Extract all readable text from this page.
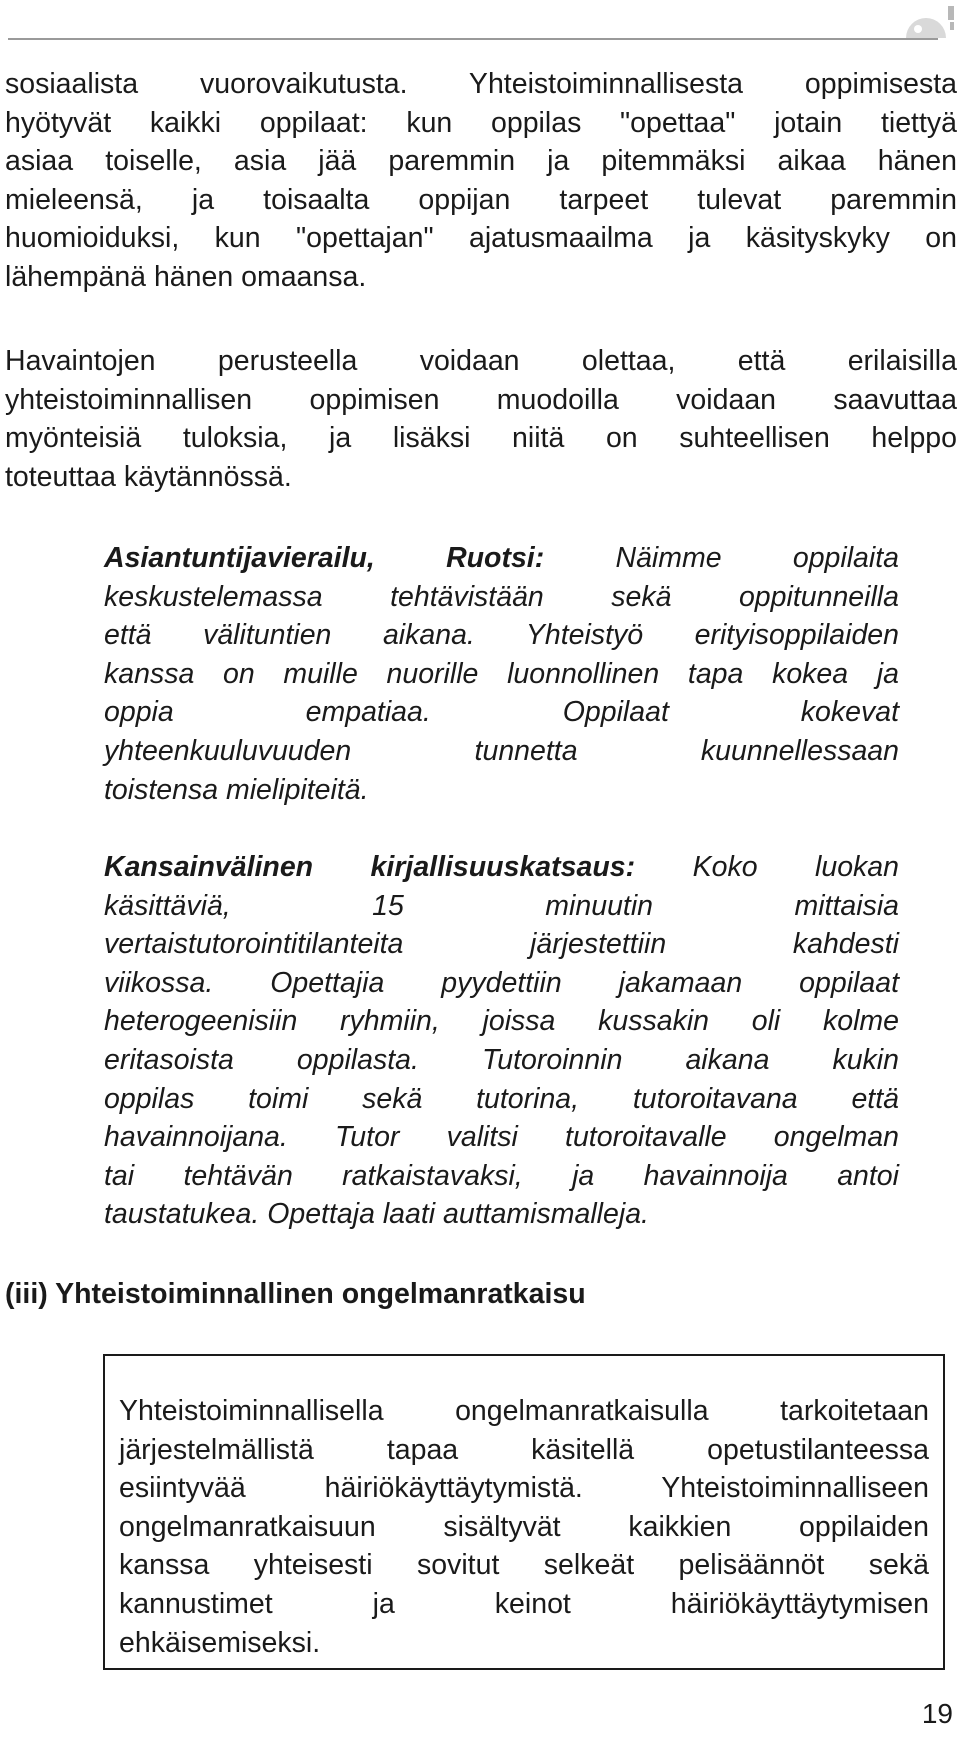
sosiaalista vuorovaikutusta. Yhteistoiminnallisesta oppimisesta
hyötyvät kaikki oppilaat: kun oppilas "opettaa" jotain tiettyä
asiaa toiselle, asia jää paremmin ja pitemmäksi aikaa hänen
mieleensä, ja toisaalta oppijan tarpeet tulevat paremmin
huomioiduksi, kun "opettajan" ajatusmaailma ja käsityskyky on
lähempänä hänen omaansa.
Havaintojen perusteella voidaan olettaa, että erilaisilla
yhteistoiminnallisen oppimisen muodoilla voidaan saavuttaa
myönteisiä tuloksia, ja lisäksi niitä on suhteellisen helppo
toteuttaa käytännössä.
Asiantuntijavierailu, Ruotsi:	Näimme oppilaita
keskustelemassa tehtävistään sekä oppitunneilla
että välituntien aikana. Yhteistyö erityisoppilaiden
kanssa on muille nuorille luonnollinen tapa kokea ja
oppia empatiaa. Oppilaat kokevat
yhteenkuuluvuuden tunnetta kuunnellessaan
toistensa mielipiteitä.
Kansainvälinen kirjallisuuskatsaus: Koko luokan
käsittäviä, 15 minuutin mittaisia
vertaistutorointitilanteita järjestettiin kahdesti
viikossa. Opettajia pyydettiin jakamaan oppilaat
heterogeenisiin ryhmiin, joissa kussakin oli kolme
eritasoista oppilasta. Tutoroinnin aikana kukin
oppilas toimi sekä tutorina, tutoroitavana että
havainnoijana. Tutor valitsi tutoroitavalle ongelman
tai tehtävän ratkaistavaksi, ja havainnoija antoi
taustatukea. Opettaja laati auttamismalleja.
(iii) Yhteistoiminnallinen ongelmanratkaisu
Yhteistoiminnallisella ongelmanratkaisulla tarkoitetaan
järjestelmällistä tapaa käsitellä opetustilanteessa
esiintyvää häiriökäyttäytymistä. Yhteistoiminnalliseen
ongelmanratkaisuun sisältyvät kaikkien oppilaiden
kanssa yhteisesti sovitut selkeät pelisäännöt sekä
kannustimet ja keinot häiriökäyttäytymisen
ehkäisemiseksi.
19
